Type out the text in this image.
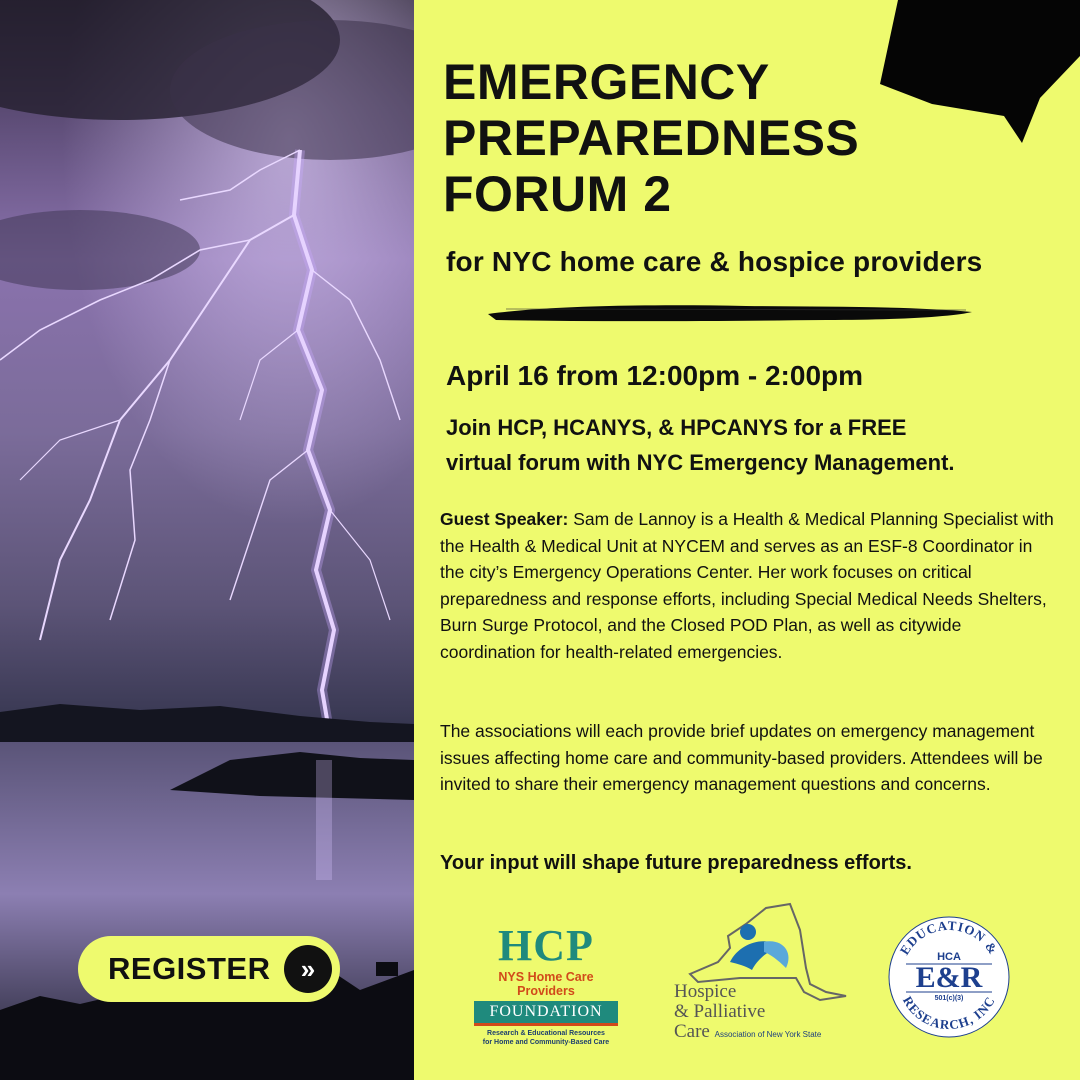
REGISTER	»
EMERGENCY
PREPAREDNESS
FORUM 2
for NYC home care & hospice providers
April 16 from 12:00pm - 2:00pm
Join HCP, HCANYS, & HPCANYS for a FREE
virtual forum with NYC Emergency Management.

Guest Speaker: Sam de Lannoy is a Health & Medical Planning Specialist with the Health & Medical Unit at NYCEM and serves as an ESF-8 Coordinator in the city’s Emergency Operations Center. Her work focuses on critical preparedness and response efforts, including Special Medical Needs Shelters, Burn Surge Protocol, and the Closed POD Plan, as well as citywide coordination for health-related emergencies.

The associations will each provide brief updates on emergency management issues affecting home care and community-based providers. Attendees will be invited to share their emergency management questions and concerns.

Your input will shape future preparedness efforts.
HCP
NYS Home Care Providers
FOUNDATION
Research & Educational Resources
for Home and Community-Based Care
Hospice
& Palliative
Care Association of New York State
EDUCATION &
RESEARCH, INC
HCA
E&R
501(c)(3)
